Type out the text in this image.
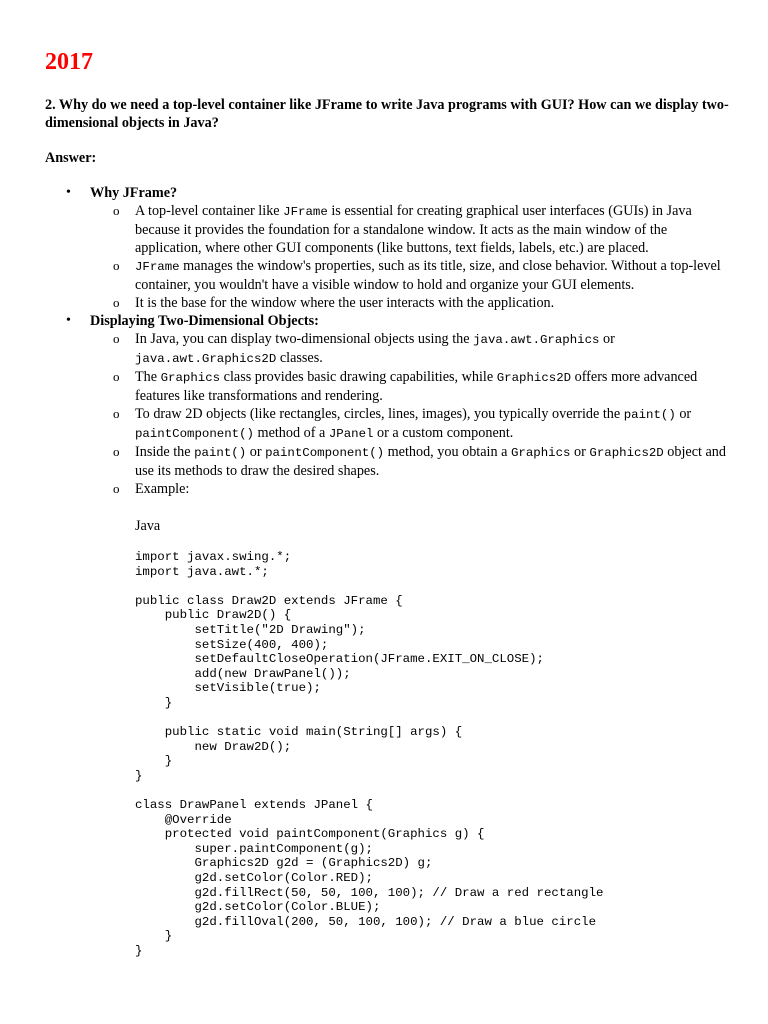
2017

2. Why do we need a top-level container like JFrame to write Java programs with GUI? How can we display two-dimensional objects in Java?

Answer:

• Why JFrame?
o A top-level container like JFrame is essential for creating graphical user interfaces (GUIs) in Java because it provides the foundation for a standalone window. It acts as the main window of the application, where other GUI components (like buttons, text fields, labels, etc.) are placed.
o JFrame manages the window's properties, such as its title, size, and close behavior. Without a top-level container, you wouldn't have a visible window to hold and organize your GUI elements.
o It is the base for the window where the user interacts with the application.
• Displaying Two-Dimensional Objects:
o In Java, you can display two-dimensional objects using the java.awt.Graphics or java.awt.Graphics2D classes.
o The Graphics class provides basic drawing capabilities, while Graphics2D offers more advanced features like transformations and rendering.
o To draw 2D objects (like rectangles, circles, lines, images), you typically override the paint() or paintComponent() method of a JPanel or a custom component.
o Inside the paint() or paintComponent() method, you obtain a Graphics or Graphics2D object and use its methods to draw the desired shapes.
o Example:
Java
import javax.swing.*;
import java.awt.*;

public class Draw2D extends JFrame {
public Draw2D() {
setTitle("2D Drawing");
setSize(400, 400);
setDefaultCloseOperation(JFrame.EXIT_ON_CLOSE);
add(new DrawPanel());
setVisible(true);
}

public static void main(String[] args) {
new Draw2D();
}
}

class DrawPanel extends JPanel {
@Override
protected void paintComponent(Graphics g) {
super.paintComponent(g);
Graphics2D g2d = (Graphics2D) g;
g2d.setColor(Color.RED);
g2d.fillRect(50, 50, 100, 100); // Draw a red rectangle
g2d.setColor(Color.BLUE);
g2d.fillOval(200, 50, 100, 100); // Draw a blue circle
}
}
